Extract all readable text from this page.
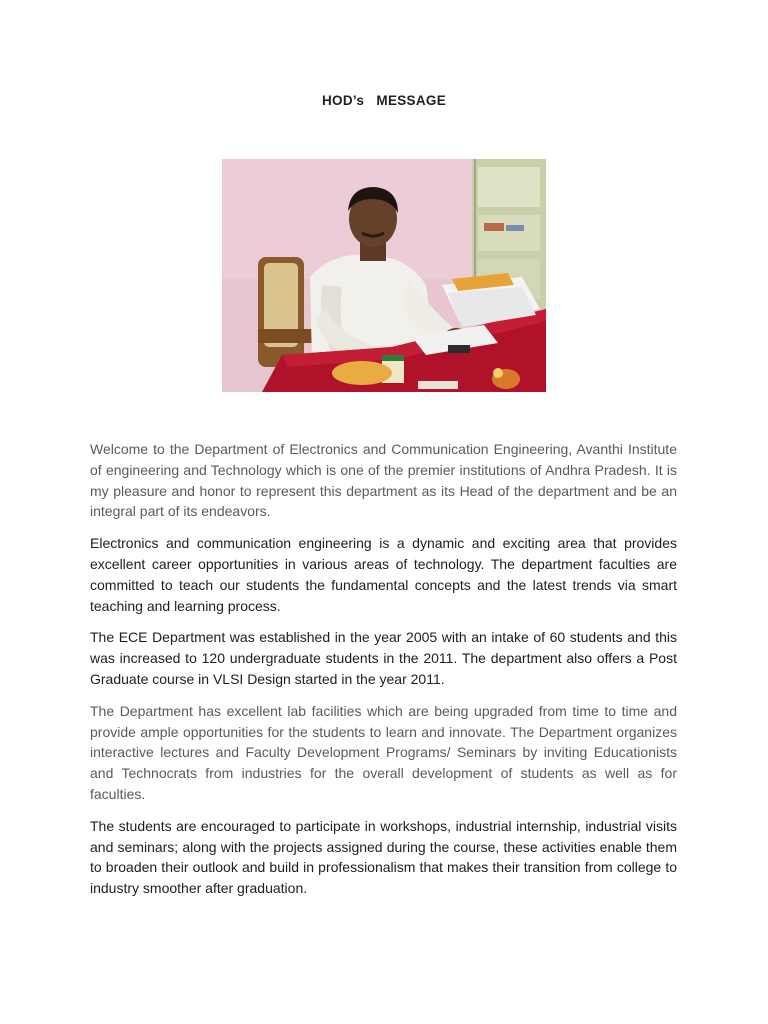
HOD’s   MESSAGE

Welcome to the Department of Electronics and Communication Engineering, Avanthi Institute of engineering and Technology which is one of the premier institutions of Andhra Pradesh. It is my pleasure and honor to represent this department as its Head of the department and be an integral part of its endeavors.

Electronics and communication engineering is a dynamic and exciting area that provides excellent career opportunities in various areas of technology. The department faculties are committed to teach our students the fundamental concepts and the latest trends via smart teaching and learning process.

The ECE Department was established in the year 2005 with an intake of 60 students and this was increased to 120 undergraduate students in the 2011. The department also offers a Post Graduate course in VLSI Design started in the year 2011.

The Department has excellent lab facilities which are being upgraded from time to time and provide ample opportunities for the students to learn and innovate. The Department organizes interactive lectures and Faculty Development Programs/ Seminars by inviting Educationists and Technocrats from industries for the overall development of students as well as for faculties.

The students are encouraged to participate in workshops, industrial internship, industrial visits and seminars; along with the projects assigned during the course, these activities enable them to broaden their outlook and build in professionalism that makes their transition from college to industry smoother after graduation.
